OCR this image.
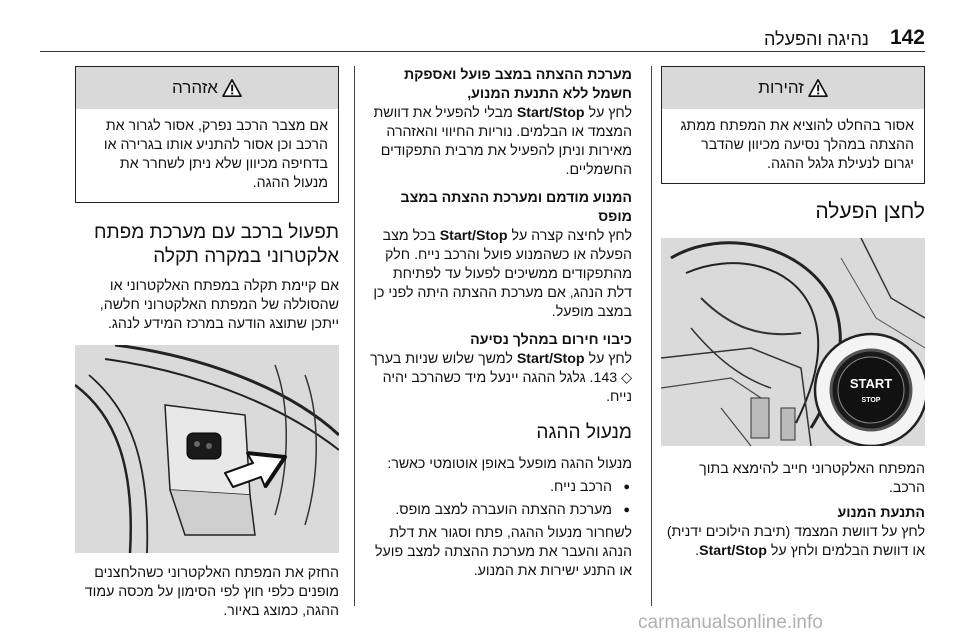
נהיגה והפעלה 142
זהירות

אסור בהחלט להוציא את המפתח ממתג ההצתה במהלך נסיעה מכיוון שהדבר יגרום לנעילת גלגל ההגה.

לחצן הפעלה
START
STOP

המפתח האלקטרוני חייב להימצא בתוך הרכב.

התנעת המנוע

לחץ על דוושת המצמד (תיבת הילוכים ידנית) או דוושת הבלמים ולחץ על Start/Stop.

מערכת ההצתה במצב פועל ואספקת חשמל ללא התנעת המנוע,

לחץ על Start/Stop מבלי להפעיל את דוושת המצמד או הבלמים. נוריות החיווי והאזהרה מאירות וניתן להפעיל את מרבית התפקודים החשמליים.

המנוע מודמם ומערכת ההצתה במצב מופס

לחץ לחיצה קצרה על Start/Stop בכל מצב הפעלה או כשהמנוע פועל והרכב נייח. חלק מהתפקודים ממשיכים לפעול עד לפתיחת דלת הנהג, אם מערכת ההצתה היתה לפני כן במצב מופעל.

כיבוי חירום במהלך נסיעה

לחץ על Start/Stop למשך שלוש שניות בערך ◇ 143. גלגל ההגה יינעל מיד כשהרכב יהיה נייח.

מנעול ההגה

מנעול ההגה מופעל באופן אוטומטי כאשר:

● הרכב נייח.
● מערכת ההצתה הועברה למצב מופס.

לשחרור מנעול ההגה, פתח וסגור את דלת הנהג והעבר את מערכת ההצתה למצב פועל או התנע ישירות את המנוע.

אזהרה

אם מצבר הרכב נפרק, אסור לגרור את הרכב וכן אסור להתניע אותו בגרירה או בדחיפה מכיוון שלא ניתן לשחרר את מנעול ההגה.

תפעול ברכב עם מערכת מפתח אלקטרוני במקרה תקלה

אם קיימת תקלה במפתח האלקטרוני או שהסוללה של המפתח האלקטרוני חלשה, ייתכן שתוצג הודעה במרכז המידע לנהג.

החזק את המפתח האלקטרוני כשהלחצנים מופנים כלפי חוץ לפי הסימון על מכסה עמוד ההגה, כמוצג באיור.

carmanualsonline.info
